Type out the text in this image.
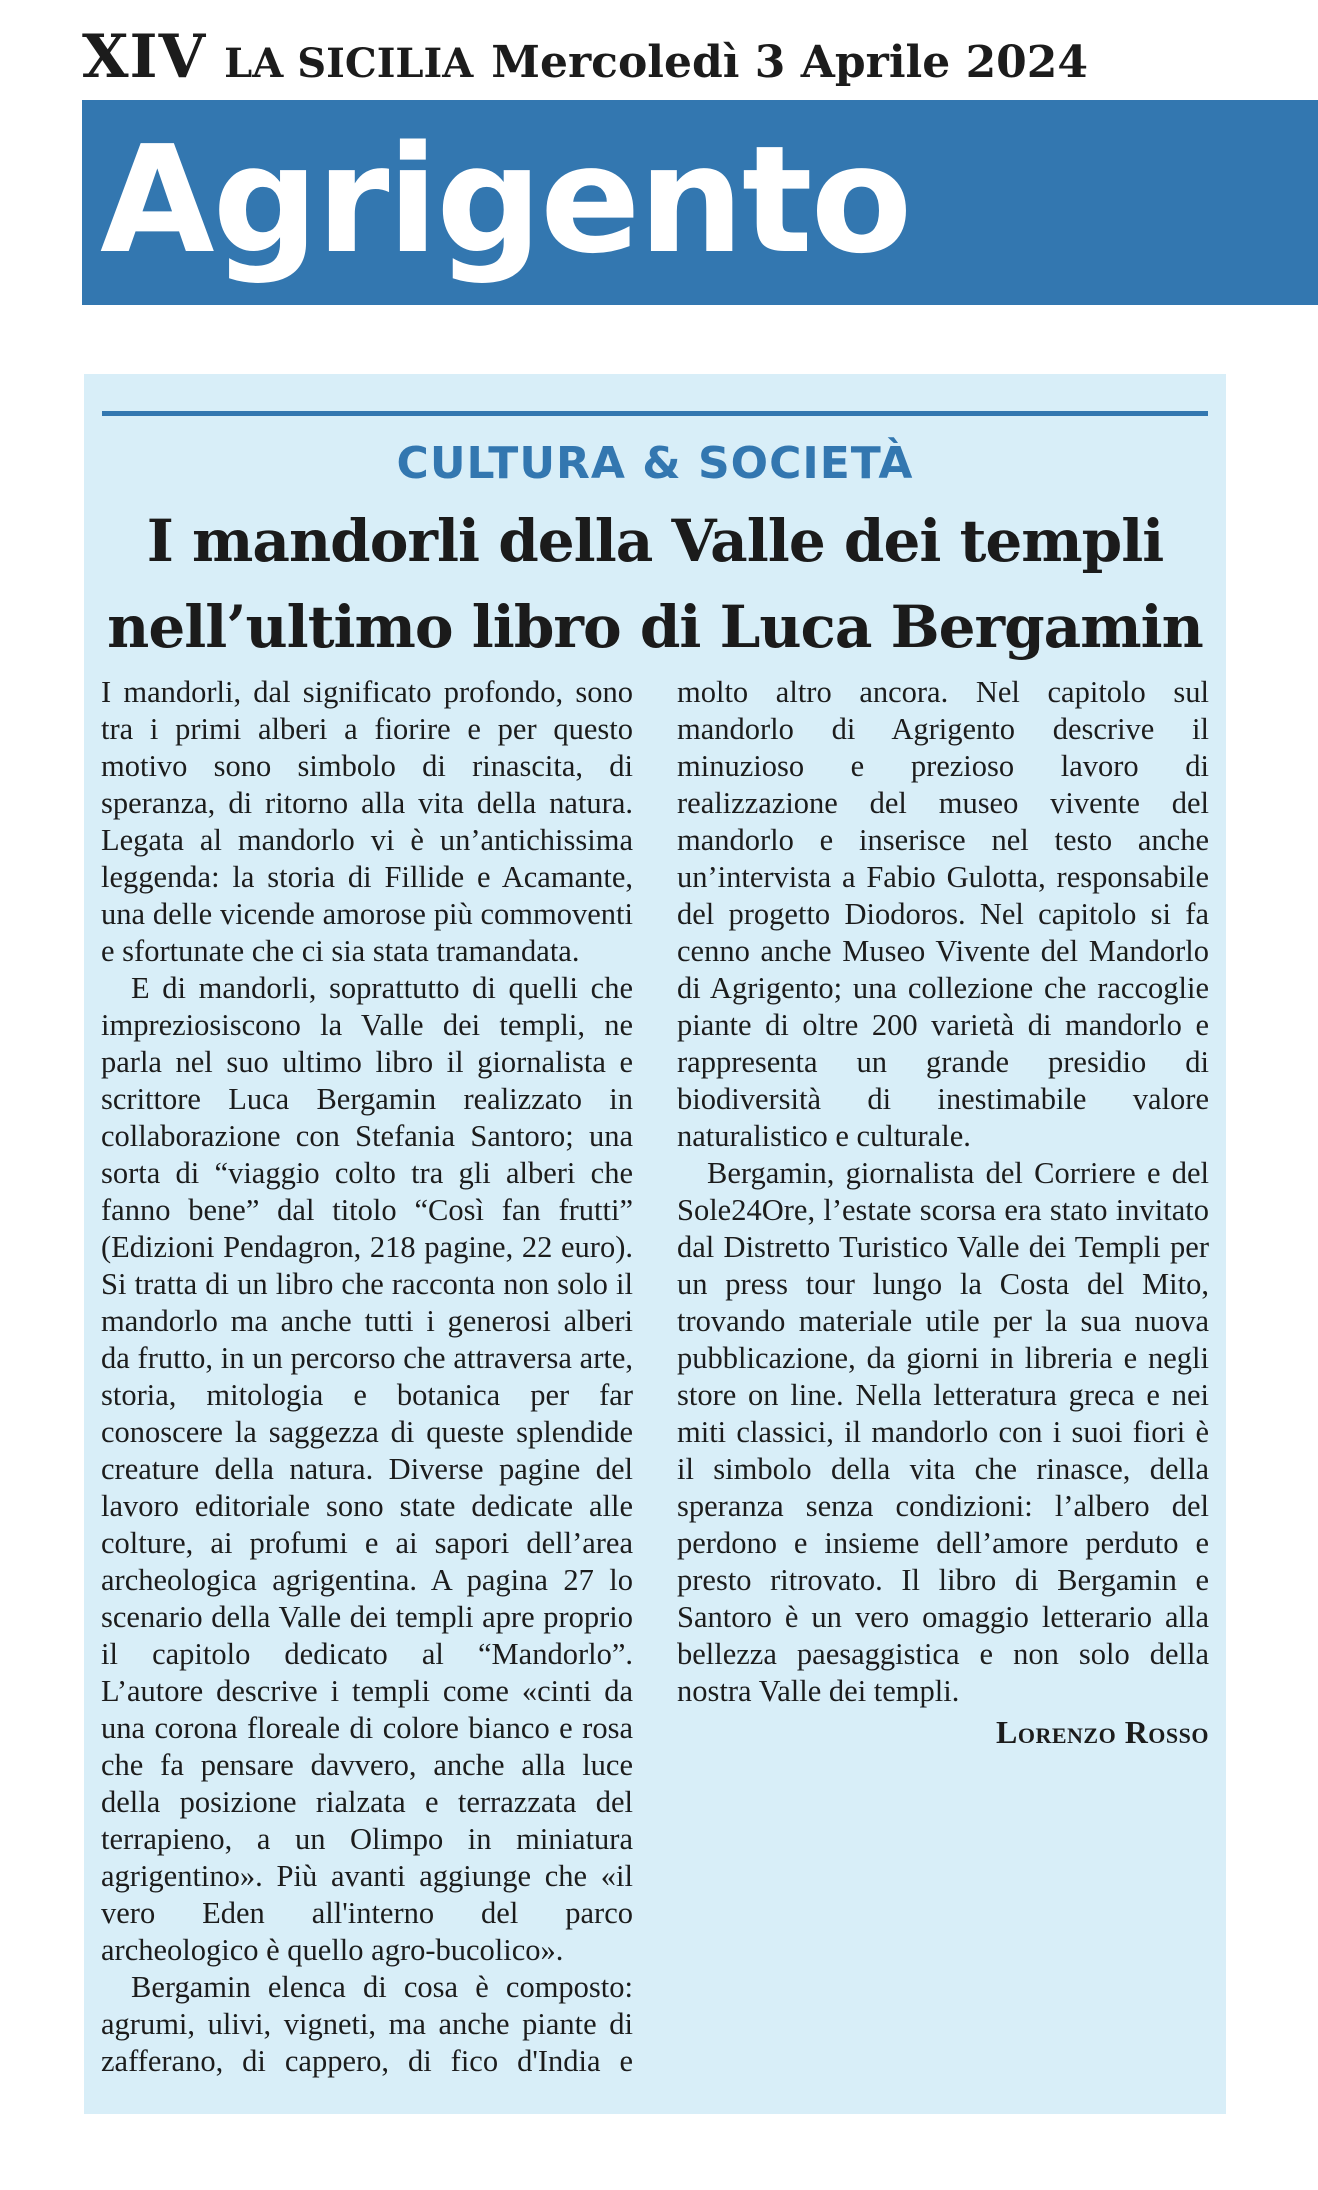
XIV LA SICILIA Mercoledì 3 Aprile 2024
Agrigento
CULTURA & SOCIETÀ
I mandorli della Valle dei templi
nell’ultimo libro di Luca Bergamin

I mandorli, dal significato profondo, sono tra i primi alberi a fiorire e per questo motivo sono simbolo di rinascita, di speranza, di ritorno alla vita della natura. Legata al mandorlo vi è un’antichissima leggenda: la storia di Fillide e Acamante, una delle vicende amorose più commoventi e sfortunate che ci sia stata tramandata.

E di mandorli, soprattutto di quelli che impreziosiscono la Valle dei templi, ne parla nel suo ultimo libro il giornalista e scrittore Luca Bergamin realizzato in collaborazione con Stefania Santoro; una sorta di “viaggio colto tra gli alberi che fanno bene” dal titolo “Così fan frutti” (Edizioni Pendagron, 218 pagine, 22 euro). Si tratta di un libro che racconta non solo il mandorlo ma anche tutti i generosi alberi da frutto, in un percorso che attraversa arte, storia, mitologia e botanica per far conoscere la saggezza di queste splendide creature della natura. Diverse pagine del lavoro editoriale sono state dedicate alle colture, ai profumi e ai sapori dell’area archeologica agrigentina. A pagina 27 lo scenario della Valle dei templi apre proprio il capitolo dedicato al “Mandorlo”. L’autore descrive i templi come «cinti da una corona floreale di colore bianco e rosa che fa pensare davvero, anche alla luce della posizione rialzata e terrazzata del terrapieno, a un Olimpo in miniatura agrigentino». Più avanti aggiunge che «il vero Eden all'interno del parco archeologico è quello agro-bucolico».

Bergamin elenca di cosa è composto: agrumi, ulivi, vigneti, ma anche piante di zafferano, di cappero, di fico d'India e molto altro ancora. Nel capitolo sul mandorlo di Agrigento descrive il minuzioso e prezioso lavoro di realizzazione del museo vivente del mandorlo e inserisce nel testo anche un’intervista a Fabio Gulotta, responsabile del progetto Diodoros. Nel capitolo si fa cenno anche Museo Vivente del Mandorlo di Agrigento; una collezione che raccoglie piante di oltre 200 varietà di mandorlo e rappresenta un grande presidio di biodiversità di inestimabile valore naturalistico e culturale.

Bergamin, giornalista del Corriere e del Sole24Ore, l’estate scorsa era stato invitato dal Distretto Turistico Valle dei Templi per un press tour lungo la Costa del Mito, trovando materiale utile per la sua nuova pubblicazione, da giorni in libreria e negli store on line. Nella letteratura greca e nei miti classici, il mandorlo con i suoi fiori è il simbolo della vita che rinasce, della speranza senza condizioni: l’albero del perdono e insieme dell’amore perduto e presto ritrovato. Il libro di Bergamin e Santoro è un vero omaggio letterario alla bellezza paesaggistica e non solo della nostra Valle dei templi.

Lorenzo Rosso
